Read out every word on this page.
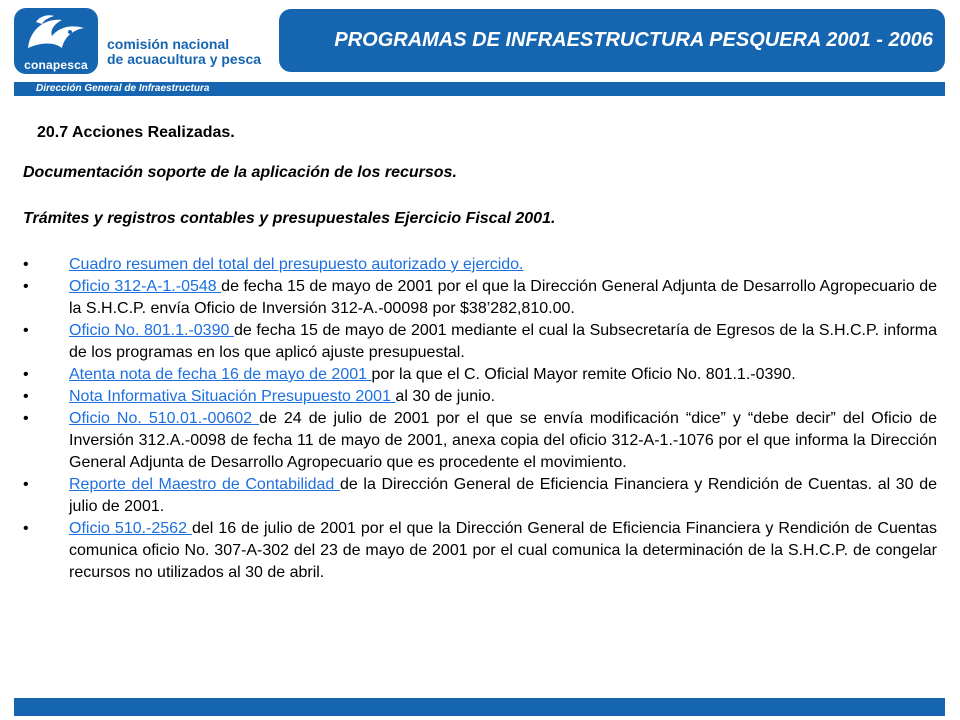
conapesca
comisión nacional
de acuacultura y pesca
PROGRAMAS DE INFRAESTRUCTURA PESQUERA 2001 - 2006
Dirección General de Infraestructura
20.7 Acciones Realizadas.
Documentación soporte de la aplicación de los recursos.
Trámites y registros contables y presupuestales Ejercicio Fiscal 2001.
•	Cuadro resumen del total del presupuesto autorizado y ejercido.
•	Oficio 312-A-1.-0548 de fecha 15 de mayo de 2001 por el que la Dirección General Adjunta de Desarrollo Agropecuario de la S.H.C.P. envía Oficio de Inversión 312-A.-00098 por $38’282,810.00.
•	Oficio No. 801.1.-0390 de fecha 15 de mayo de 2001 mediante el cual la Subsecretaría de Egresos de la S.H.C.P. informa de los programas en los que aplicó ajuste presupuestal.
•	Atenta nota de fecha 16 de mayo de 2001 por la que el C. Oficial Mayor remite Oficio No. 801.1.-0390.
•	Nota Informativa Situación Presupuesto 2001 al 30 de junio.
•	Oficio No. 510.01.-00602 de 24 de julio de 2001 por el que se envía modificación “dice” y “debe decir” del Oficio de Inversión 312.A.-0098 de fecha 11 de mayo de 2001, anexa copia del oficio 312-A-1.-1076 por el que informa la Dirección General Adjunta de Desarrollo Agropecuario que es procedente el movimiento.
•	Reporte del Maestro de Contabilidad de la Dirección General de Eficiencia Financiera y Rendición de Cuentas. al 30 de julio de 2001.
•	Oficio 510.-2562 del 16 de julio de 2001 por el que la Dirección General de Eficiencia Financiera y Rendición de Cuentas comunica oficio No. 307-A-302 del 23 de mayo de 2001 por el cual comunica la determinación de la S.H.C.P. de congelar recursos no utilizados al 30 de abril.
